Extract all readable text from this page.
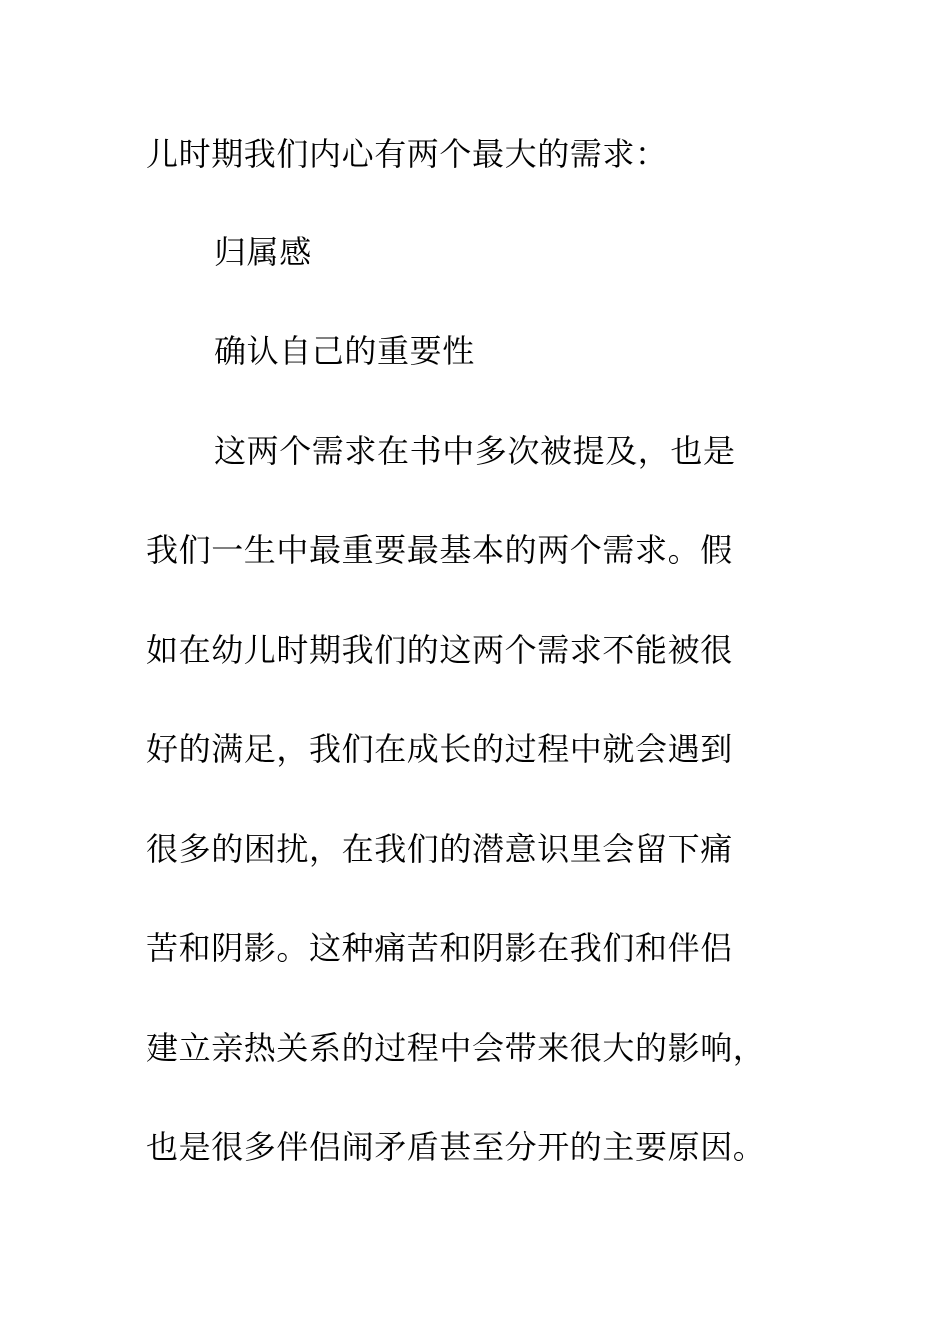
儿时期我们内心有两个最大的需求：
归属感
确认自己的重要性
这两个需求在书中多次被提及，也是
我们一生中最重要最基本的两个需求。假
如在幼儿时期我们的这两个需求不能被很
好的满足，我们在成长的过程中就会遇到
很多的困扰，在我们的潜意识里会留下痛
苦和阴影。这种痛苦和阴影在我们和伴侣
建立亲热关系的过程中会带来很大的影响，
也是很多伴侣闹矛盾甚至分开的主要原因。
